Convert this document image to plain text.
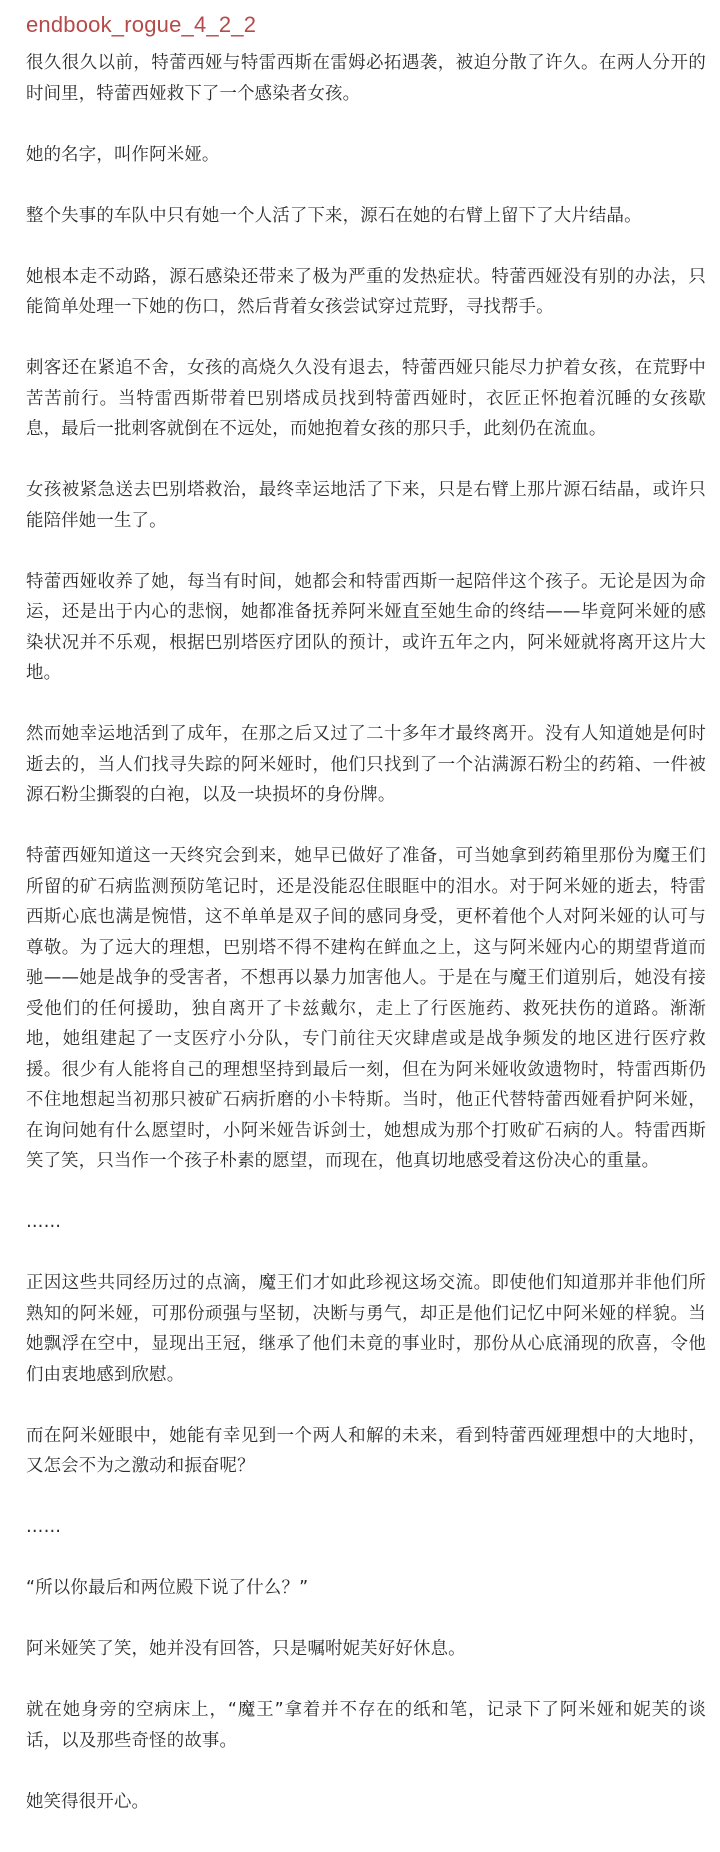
endbook_rogue_4_2_2

很久很久以前，特蕾西娅与特雷西斯在雷姆必拓遇袭，被迫分散了许久。在两人分开的时间里，特蕾西娅救下了一个感染者女孩。

她的名字，叫作阿米娅。

整个失事的车队中只有她一个人活了下来，源石在她的右臂上留下了大片结晶。

她根本走不动路，源石感染还带来了极为严重的发热症状。特蕾西娅没有别的办法，只能简单处理一下她的伤口，然后背着女孩尝试穿过荒野，寻找帮手。

刺客还在紧追不舍，女孩的高烧久久没有退去，特蕾西娅只能尽力护着女孩，在荒野中苦苦前行。当特雷西斯带着巴别塔成员找到特蕾西娅时，衣匠正怀抱着沉睡的女孩歇息，最后一批刺客就倒在不远处，而她抱着女孩的那只手，此刻仍在流血。

女孩被紧急送去巴别塔救治，最终幸运地活了下来，只是右臂上那片源石结晶，或许只能陪伴她一生了。

特蕾西娅收养了她，每当有时间，她都会和特雷西斯一起陪伴这个孩子。无论是因为命运，还是出于内心的悲悯，她都准备抚养阿米娅直至她生命的终结——毕竟阿米娅的感染状况并不乐观，根据巴别塔医疗团队的预计，或许五年之内，阿米娅就将离开这片大地。

然而她幸运地活到了成年，在那之后又过了二十多年才最终离开。没有人知道她是何时逝去的，当人们找寻失踪的阿米娅时，他们只找到了一个沾满源石粉尘的药箱、一件被源石粉尘撕裂的白袍，以及一块损坏的身份牌。

特蕾西娅知道这一天终究会到来，她早已做好了准备，可当她拿到药箱里那份为魔王们所留的矿石病监测预防笔记时，还是没能忍住眼眶中的泪水。对于阿米娅的逝去，特雷西斯心底也满是惋惜，这不单单是双子间的感同身受，更杯着他个人对阿米娅的认可与尊敬。为了远大的理想，巴别塔不得不建构在鲜血之上，这与阿米娅内心的期望背道而驰——她是战争的受害者，不想再以暴力加害他人。于是在与魔王们道别后，她没有接受他们的任何援助，独自离开了卡兹戴尔，走上了行医施药、救死扶伤的道路。渐渐地，她组建起了一支医疗小分队，专门前往天灾肆虐或是战争频发的地区进行医疗救援。很少有人能将自己的理想坚持到最后一刻，但在为阿米娅收敛遗物时，特雷西斯仍不住地想起当初那只被矿石病折磨的小卡特斯。当时，他正代替特蕾西娅看护阿米娅，在询问她有什么愿望时，小阿米娅告诉剑士，她想成为那个打败矿石病的人。特雷西斯笑了笑，只当作一个孩子朴素的愿望，而现在，他真切地感受着这份决心的重量。

……

正因这些共同经历过的点滴，魔王们才如此珍视这场交流。即使他们知道那并非他们所熟知的阿米娅，可那份顽强与坚韧，决断与勇气，却正是他们记忆中阿米娅的样貌。当她飘浮在空中，显现出王冠，继承了他们未竟的事业时，那份从心底涌现的欣喜，令他们由衷地感到欣慰。

而在阿米娅眼中，她能有幸见到一个两人和解的未来，看到特蕾西娅理想中的大地时，又怎会不为之激动和振奋呢？

……

“所以你最后和两位殿下说了什么？”

阿米娅笑了笑，她并没有回答，只是嘱咐妮芙好好休息。

就在她身旁的空病床上，“魔王”拿着并不存在的纸和笔，记录下了阿米娅和妮芙的谈话，以及那些奇怪的故事。

她笑得很开心。
